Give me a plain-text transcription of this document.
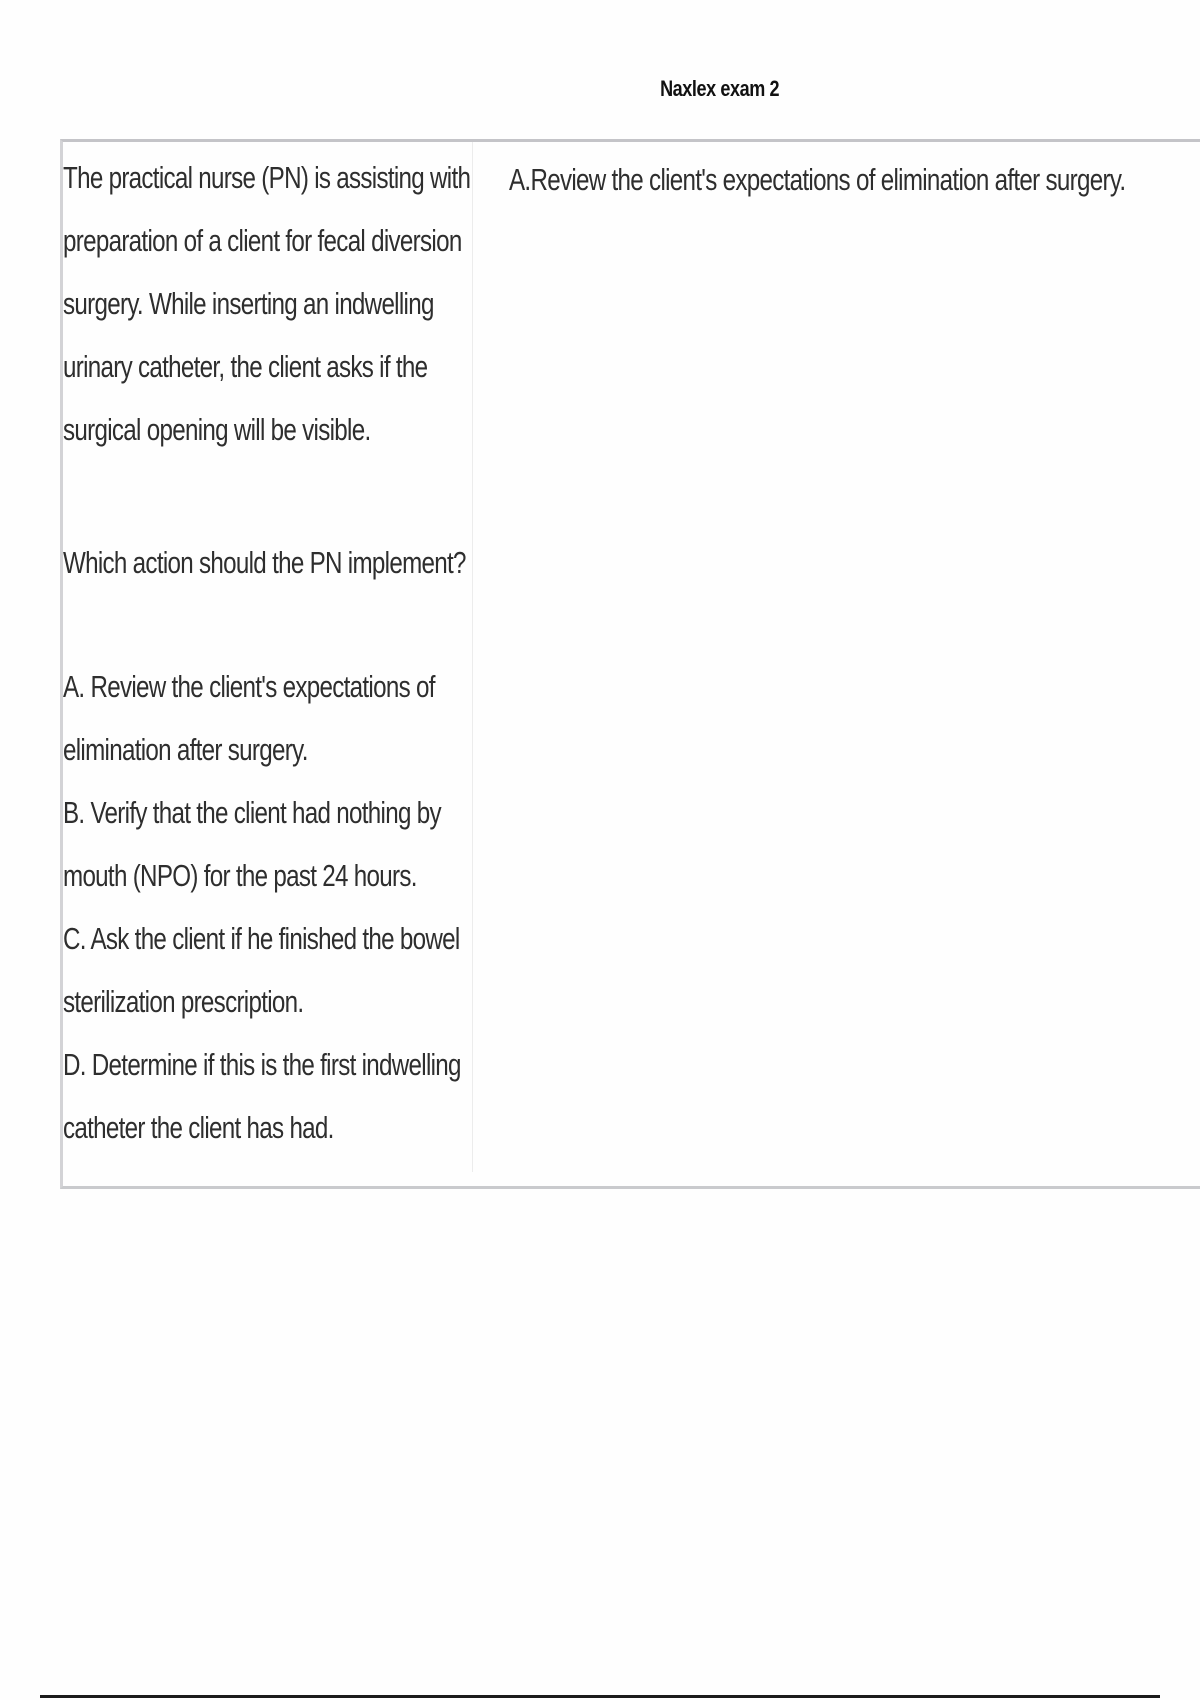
Naxlex exam 2
The practical nurse (PN) is assisting with
preparation of a client for fecal diversion
surgery. While inserting an indwelling
urinary catheter, the client asks if the
surgical opening will be visible.
Which action should the PN implement?
A. Review the client's expectations of
elimination after surgery.
B. Verify that the client had nothing by
mouth (NPO) for the past 24 hours.
C. Ask the client if he finished the bowel
sterilization prescription.
D. Determine if this is the first indwelling
catheter the client has had.
A.Review the client's expectations of elimination after surgery.
